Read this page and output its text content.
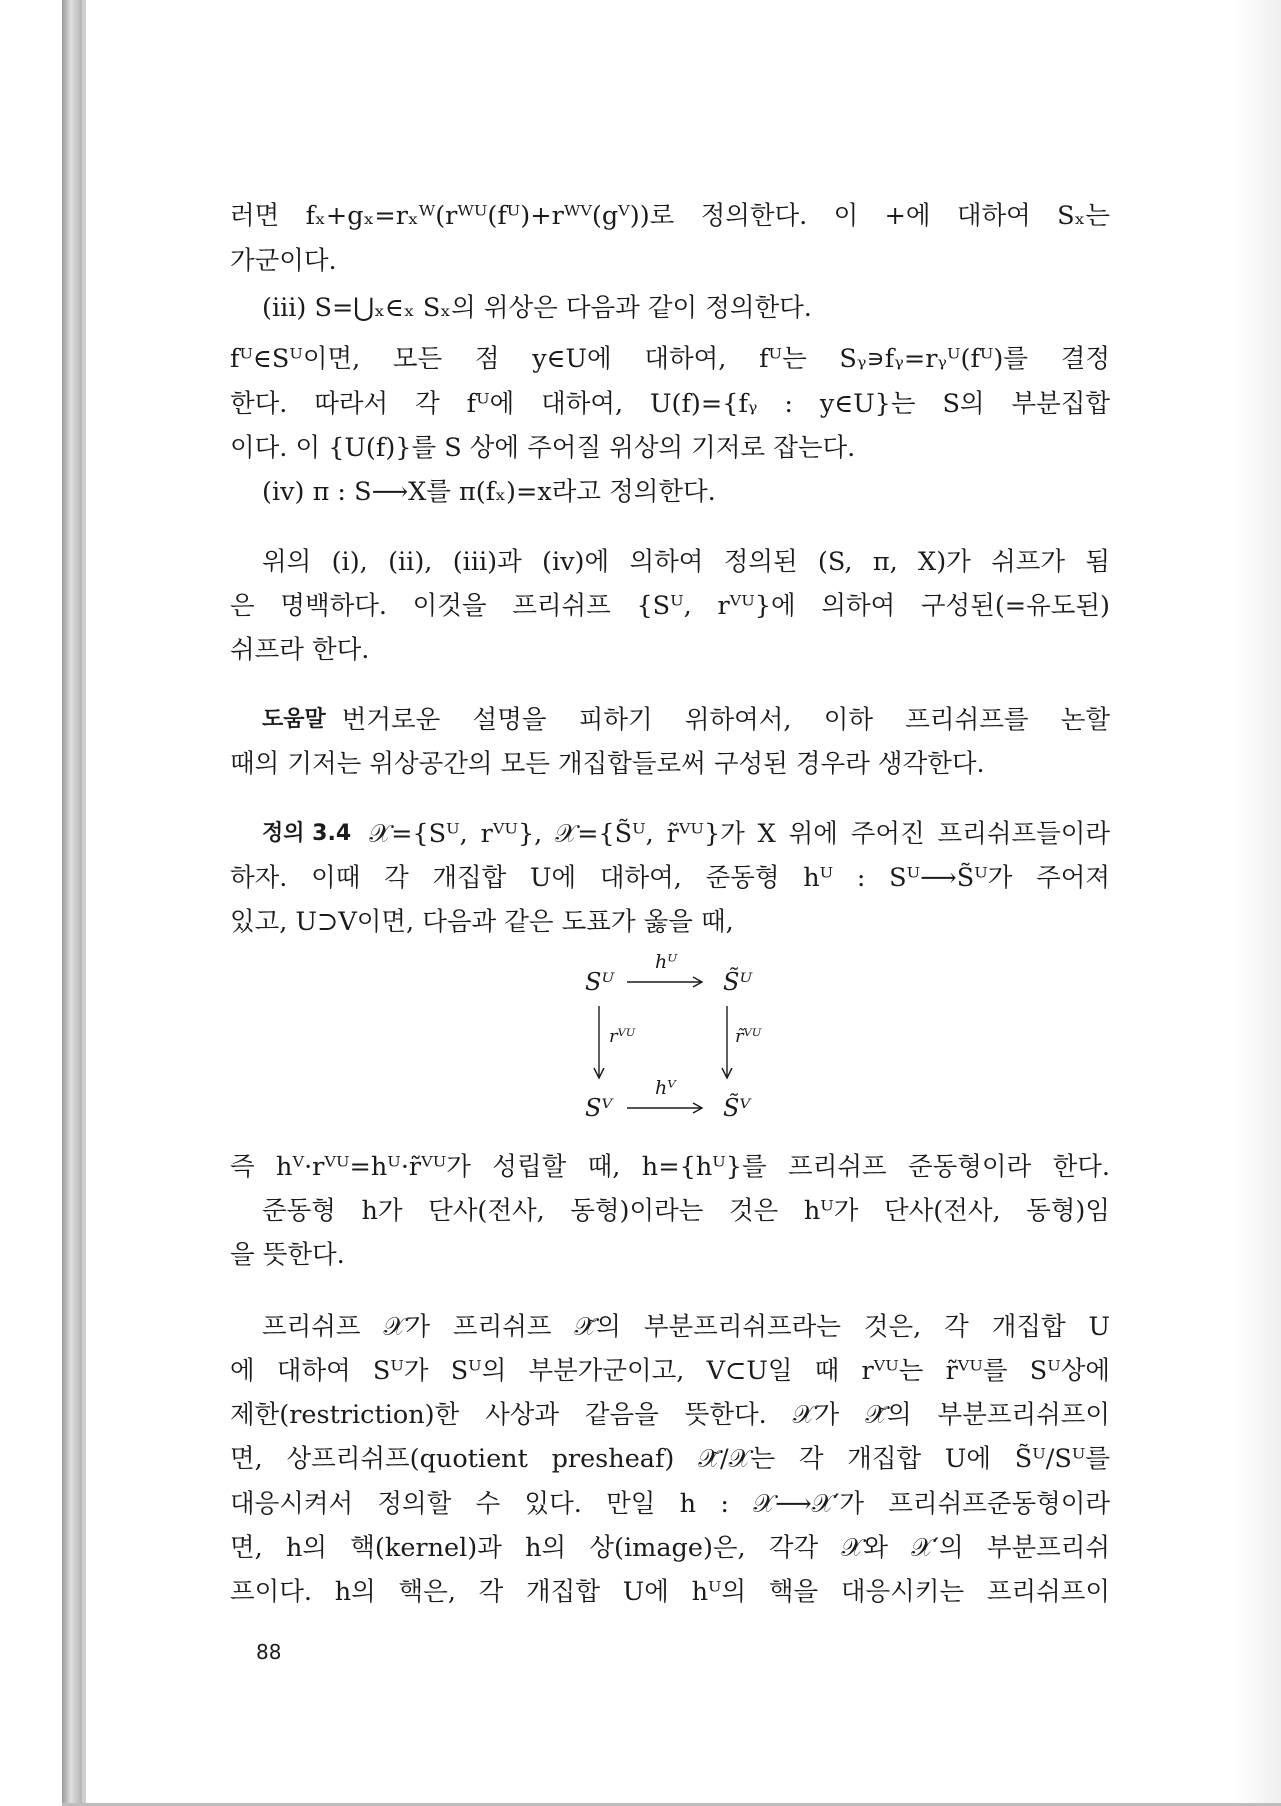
러면 fₓ+gₓ=rₓᵂ(rᵂᵁ(fᵁ)+rᵂⱽ(gⱽ))로 정의한다. 이 +에 대하여 Sₓ는
가군이다.
(iii) S=⋃ₓ∈ₓ Sₓ의 위상은 다음과 같이 정의한다.
fᵁ∈Sᵁ이면, 모든 점 y∈U에 대하여, fᵁ는 Sᵧ∍fᵧ=rᵧᵁ(fᵁ)를 결정
한다. 따라서 각 fᵁ에 대하여, U(f)={fᵧ : y∈U}는 S의 부분집합
이다. 이 {U(f)}를 S 상에 주어질 위상의 기저로 잡는다.
(iv) π : S⟶X를 π(fₓ)=x라고 정의한다.
위의 (i), (ii), (iii)과 (iv)에 의하여 정의된 (S, π, X)가 쉬프가 됨
은 명백하다. 이것을 프리쉬프 {Sᵁ, rⱽᵁ}에 의하여 구성된(=유도된)
쉬프라 한다.
도움말 번거로운 설명을 피하기 위하여서, 이하 프리쉬프를 논할
때의 기저는 위상공간의 모든 개집합들로써 구성된 경우라 생각한다.
정의 3.4 𝒳={Sᵁ, rⱽᵁ}, 𝒳={S̃ᵁ, r̃ⱽᵁ}가 X 위에 주어진 프리쉬프들이라
하자. 이때 각 개집합 U에 대하여, 준동형 hᵁ : Sᵁ⟶S̃ᵁ가 주어져
있고, U⊃V이면, 다음과 같은 도표가 옳을 때,
Sᵁ	S̃ᵁ
Sⱽ	S̃ⱽ
hᵁ
hⱽ
rⱽᵁ	r̃ⱽᵁ
즉 hⱽ·rⱽᵁ=hᵁ·r̃ⱽᵁ가 성립할 때, h={hᵁ}를 프리쉬프 준동형이라 한다.
준동형 h가 단사(전사, 동형)이라는 것은 hᵁ가 단사(전사, 동형)임
을 뜻한다.
프리쉬프 𝒳가 프리쉬프 𝒳̃의 부분프리쉬프라는 것은, 각 개집합 U
에 대하여 Sᵁ가 Sᵁ의 부분가군이고, V⊂U일 때 rⱽᵁ는 r̃ⱽᵁ를 Sᵁ상에
제한(restriction)한 사상과 같음을 뜻한다. 𝒳가 𝒳̃의 부분프리쉬프이
면, 상프리쉬프(quotient presheaf) 𝒳̃/𝒳는 각 개집합 U에 S̃ᵁ/Sᵁ를
대응시켜서 정의할 수 있다. 만일 h : 𝒳⟶𝒳′가 프리쉬프준동형이라
면, h의 핵(kernel)과 h의 상(image)은, 각각 𝒳와 𝒳′의 부분프리쉬
프이다. h의 핵은, 각 개집합 U에 hᵁ의 핵을 대응시키는 프리쉬프이
88
